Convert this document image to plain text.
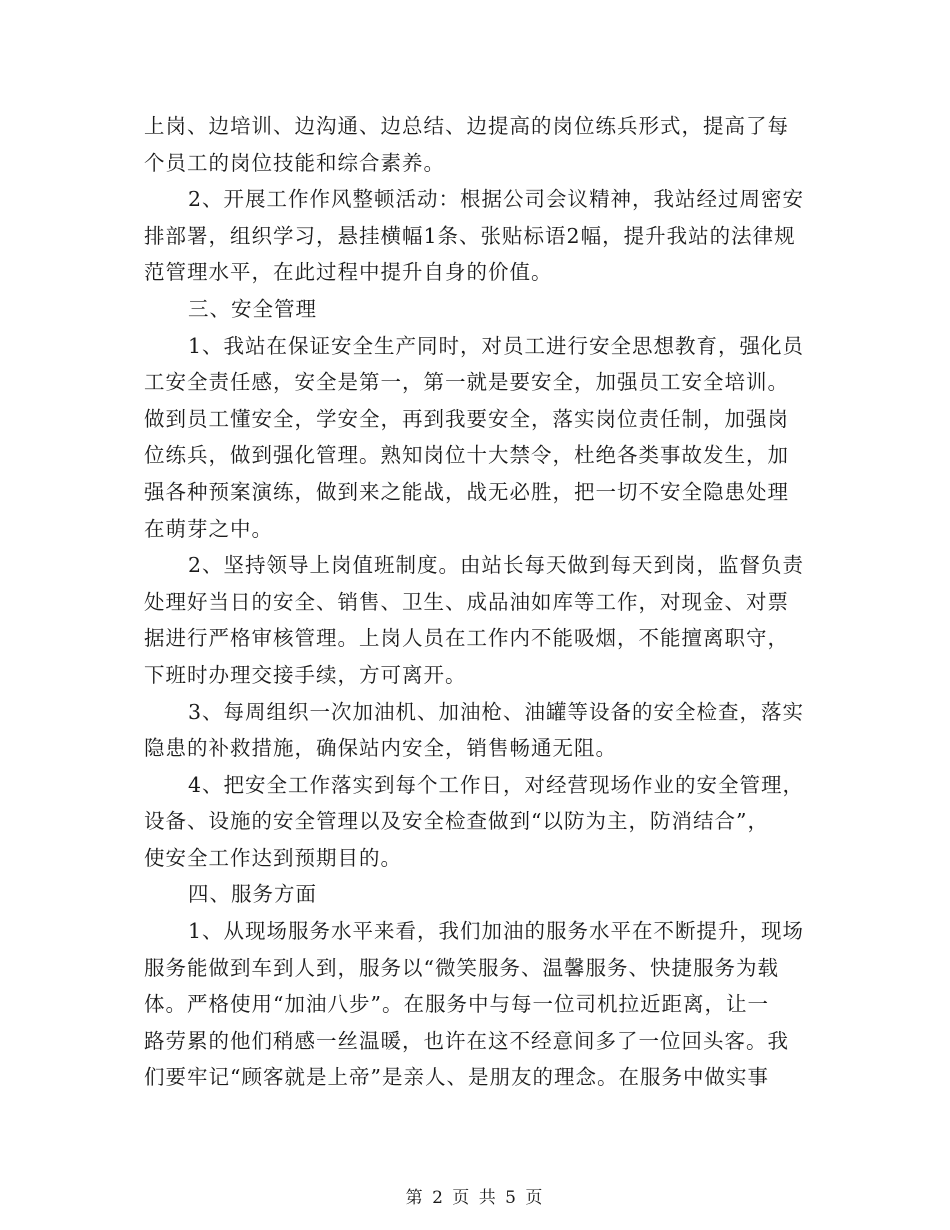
上岗、边培训、边沟通、边总结、边提高的岗位练兵形式，提高了每
个员工的岗位技能和综合素养。
2、开展工作作风整顿活动：根据公司会议精神，我站经过周密安
排部署，组织学习，悬挂横幅1条、张贴标语2幅，提升我站的法律规
范管理水平，在此过程中提升自身的价值。
三、安全管理
1、我站在保证安全生产同时，对员工进行安全思想教育，强化员
工安全责任感，安全是第一，第一就是要安全，加强员工安全培训。
做到员工懂安全，学安全，再到我要安全，落实岗位责任制，加强岗
位练兵，做到强化管理。熟知岗位十大禁令，杜绝各类事故发生，加
强各种预案演练，做到来之能战，战无必胜，把一切不安全隐患处理
在萌芽之中。
2、坚持领导上岗值班制度。由站长每天做到每天到岗，监督负责
处理好当日的安全、销售、卫生、成品油如库等工作，对现金、对票
据进行严格审核管理。上岗人员在工作内不能吸烟，不能擅离职守，
下班时办理交接手续，方可离开。
3、每周组织一次加油机、加油枪、油罐等设备的安全检查，落实
隐患的补救措施，确保站内安全，销售畅通无阻。
4、把安全工作落实到每个工作日，对经营现场作业的安全管理，
设备、设施的安全管理以及安全检查做到“以防为主，防消结合”，
使安全工作达到预期目的。
四、服务方面
1、从现场服务水平来看，我们加油的服务水平在不断提升，现场
服务能做到车到人到，服务以“微笑服务、温馨服务、快捷服务为载
体。严格使用“加油八步”。在服务中与每一位司机拉近距离，让一
路劳累的他们稍感一丝温暖，也许在这不经意间多了一位回头客。我
们要牢记“顾客就是上帝”是亲人、是朋友的理念。在服务中做实事
第 2 页 共 5 页
